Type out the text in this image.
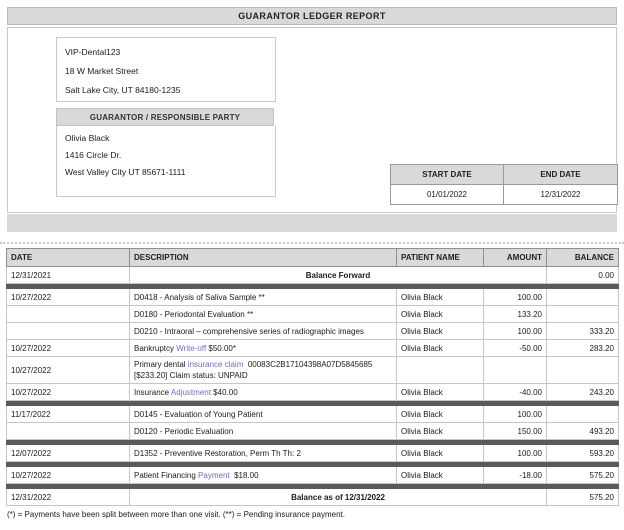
GUARANTOR LEDGER REPORT
VIP-Dental123
18 W Market Street
Salt Lake City, UT 84180-1235
GUARANTOR / RESPONSIBLE PARTY
Olivia Black
1416 Circle Dr.
West Valley City UT 85671-1111	START DATE	END DATE
01/01/2022	12/31/2022
DATE	DESCRIPTION	PATIENT NAME	AMOUNT	BALANCE
12/31/2021	Balance Forward			0.00

10/27/2022	D0418 - Analysis of Saliva Sample **	Olivia Black	100.00	
	D0180 - Periodontal Evaluation **	Olivia Black	133.20	
	D0210 - Intraoral – comprehensive series of radiographic images	Olivia Black	100.00	333.20
10/27/2022	Bankruptcy Write-off $50.00*	Olivia Black	-50.00	283.20
10/27/2022	Primary dental insurance claim  00083C2B17104398A07D5845685 [$233.20] Claim status: UNPAID			
10/27/2022	Insurance Adjustment $40.00	Olivia Black	-40.00	243.20

11/17/2022	D0145 - Evaluation of Young Patient	Olivia Black	100.00	
	D0120 - Periodic Evaluation	Olivia Black	150.00	493.20

12/07/2022	D1352 - Preventive Restoration, Perm Th Th: 2	Olivia Black	100.00	593.20

10/27/2022	Patient Financing Payment  $18.00	Olivia Black	-18.00	575.20

12/31/2022	Balance as of 12/31/2022			575.20
(*) = Payments have been split between more than one visit. (**) = Pending insurance payment.
